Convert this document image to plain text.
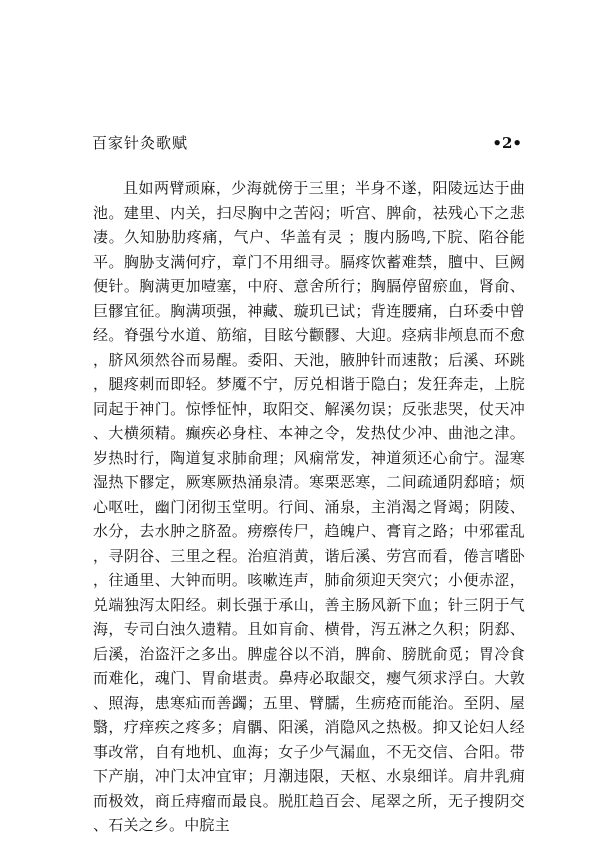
百家针灸歌赋	•2•

且如两臂顽麻，少海就傍于三里；半身不遂，阳陵远达于曲池。建里、内关，扫尽胸中之苦闷；听宫、脾俞，祛残心下之悲凄。久知胁肋疼痛，气户、华盖有灵 ；腹内肠鸣,下脘、陷谷能平。胸胁支满何疗，章门不用细寻。膈疼饮蓄难禁，膻中、巨阙便针。胸满更加噎塞，中府、意舍所行；胸膈停留瘀血，肾俞、巨髎宜征。胸满项强，神藏、璇玑已试；背连腰痛，白环委中曾经。脊强兮水道、筋缩，目眩兮颧髎、大迎。痉病非颅息而不愈，脐风须然谷而易醒。委阳、天池，腋肿针而速散；后溪、环跳，腿疼刺而即轻。梦魇不宁，厉兑相谐于隐白；发狂奔走，上脘同起于神门。惊悸怔忡，取阳交、解溪勿误；反张悲哭，仗天冲、大横须精。癫疾必身柱、本神之令，发热仗少冲、曲池之津。岁热时行，陶道复求肺俞理；风痫常发，神道须还心俞宁。湿寒湿热下髎定，厥寒厥热涌泉清。寒栗恶寒，二间疏通阴郄暗；烦心呕吐，幽门闭彻玉堂明。行间、涌泉，主消渴之肾竭；阴陵、水分，去水肿之脐盈。痨瘵传尸，趋魄户、膏肓之路；中邪霍乱，寻阴谷、三里之程。治疸消黄，谐后溪、劳宫而看，倦言嗜卧，往通里、大钟而明。咳嗽连声，肺俞须迎天突穴；小便赤涩，兑端独泻太阳经。刺长强于承山，善主肠风新下血；针三阴于气海，专司白浊久遗精。且如肓俞、横骨，泻五淋之久积；阴郄、后溪，治盗汗之多出。脾虚谷以不消，脾俞、膀胱俞觅；胃冷食而难化，魂门、胃俞堪责。鼻痔必取龈交，瘿气须求浮白。大敦、照海，患寒疝而善蠲；五里、臂臑，生疬疮而能治。至阴、屋翳，疗痒疾之疼多；肩髃、阳溪，消隐风之热极。抑又论妇人经事改常，自有地机、血海；女子少气漏血，不无交信、合阳。带下产崩，冲门太冲宜审；月潮违限，天枢、水泉细详。肩井乳痈而极效，商丘痔瘤而最良。脱肛趋百会、尾翠之所，无子搜阴交、石关之乡。中脘主
